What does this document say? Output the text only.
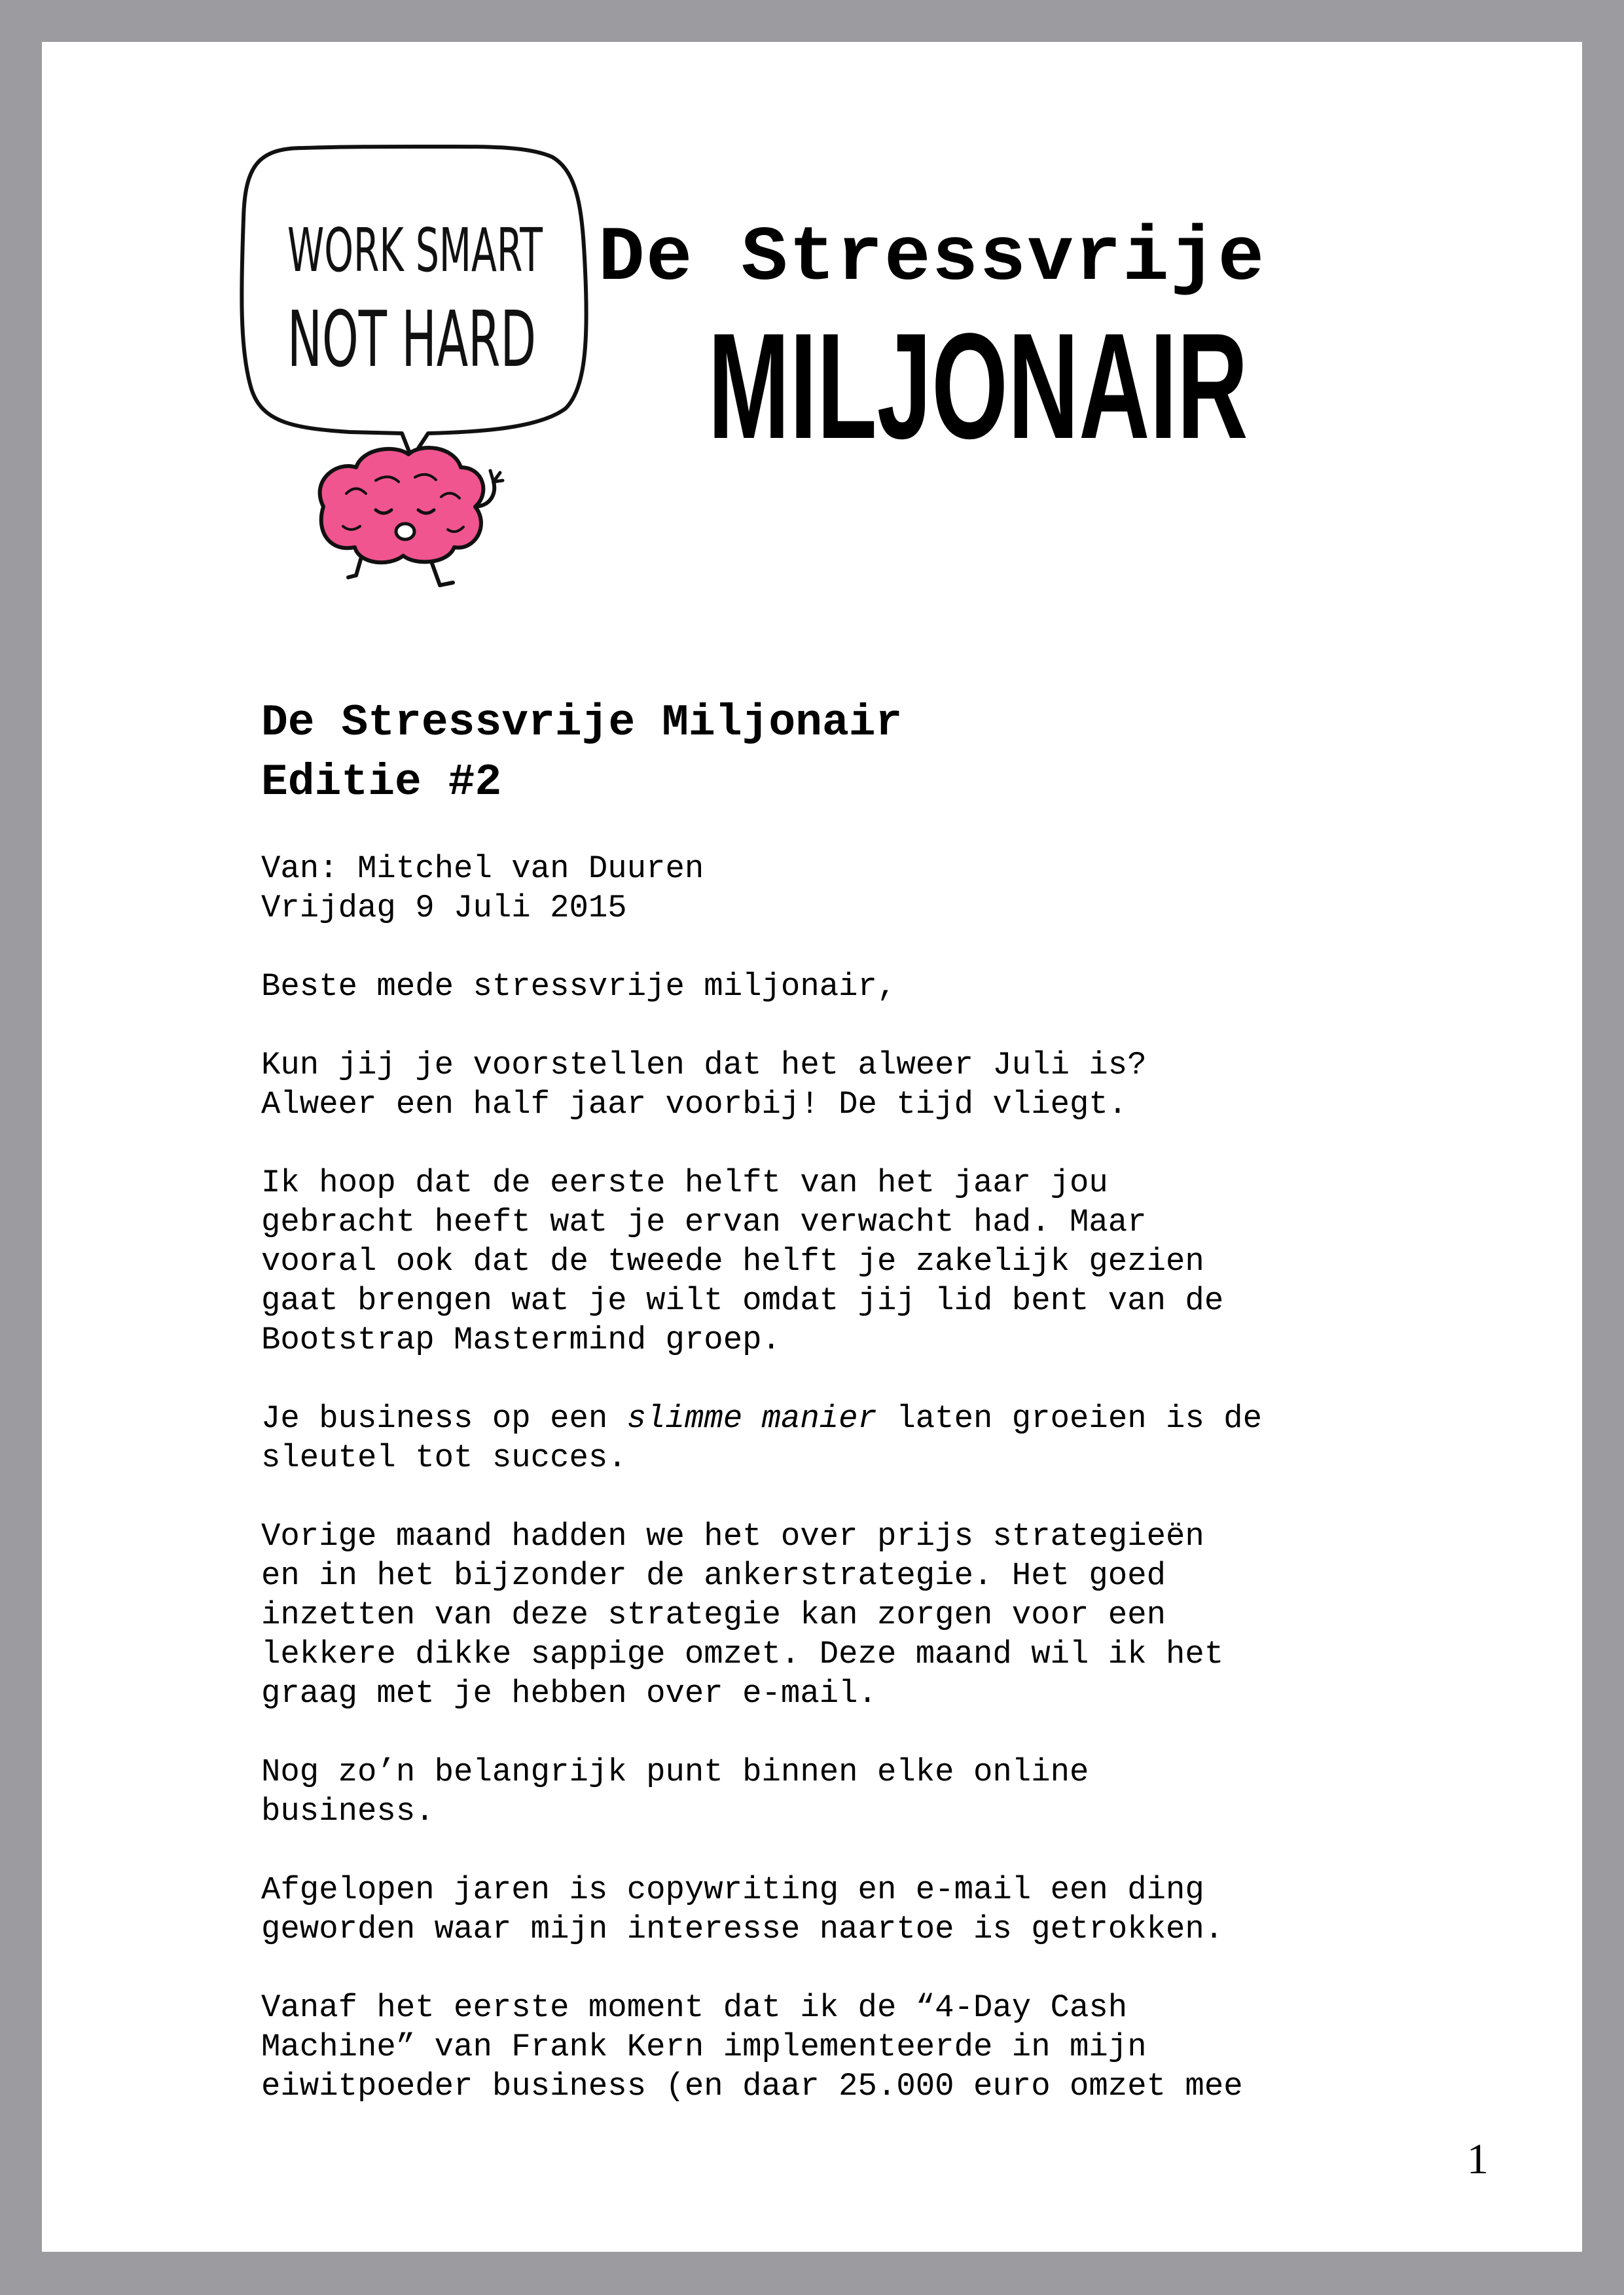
WORK SMART
NOT HARD
De Stressvrije
MILJONAIR
De Stressvrije Miljonair
Editie #2
Van: Mitchel van Duuren
Vrijdag 9 Juli 2015

Beste mede stressvrije miljonair,

Kun jij je voorstellen dat het alweer Juli is?
Alweer een half jaar voorbij! De tijd vliegt.

Ik hoop dat de eerste helft van het jaar jou
gebracht heeft wat je ervan verwacht had. Maar
vooral ook dat de tweede helft je zakelijk gezien
gaat brengen wat je wilt omdat jij lid bent van de
Bootstrap Mastermind groep.

Je business op een slimme manier laten groeien is de
sleutel tot succes.

Vorige maand hadden we het over prijs strategieën
en in het bijzonder de ankerstrategie. Het goed
inzetten van deze strategie kan zorgen voor een
lekkere dikke sappige omzet. Deze maand wil ik het
graag met je hebben over e-mail.

Nog zo’n belangrijk punt binnen elke online
business.

Afgelopen jaren is copywriting en e-mail een ding
geworden waar mijn interesse naartoe is getrokken.

Vanaf het eerste moment dat ik de “4-Day Cash
Machine” van Frank Kern implementeerde in mijn
eiwitpoeder business (en daar 25.000 euro omzet mee

1
